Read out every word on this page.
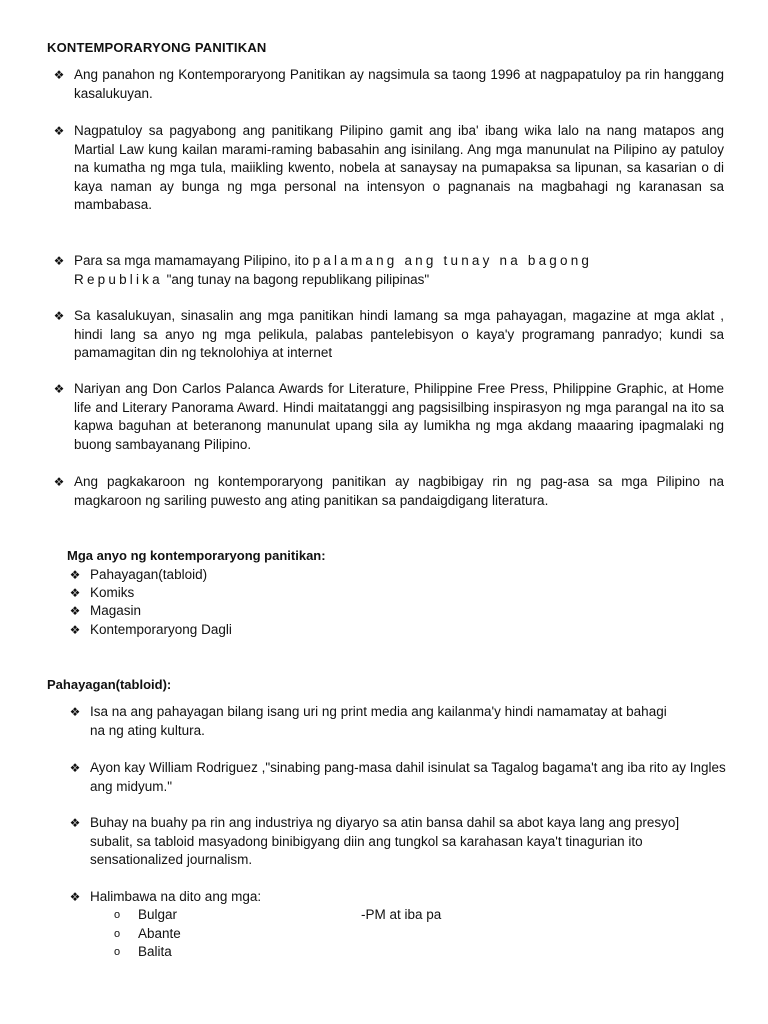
KONTEMPORARYONG PANITIKAN
❖ Ang panahon ng Kontemporaryong Panitikan ay nagsimula sa taong 1996 at nagpapatuloy pa rin hanggang kasalukuyan.
❖ Nagpatuloy sa pagyabong ang panitikang Pilipino gamit ang iba' ibang wika lalo na nang matapos ang Martial Law kung kailan marami-raming babasahin ang isinilang. Ang mga manunulat na Pilipino ay patuloy na kumatha ng mga tula, maiikling kwento, nobela at sanaysay na pumapaksa sa lipunan, sa kasarian o di kaya naman ay bunga ng mga personal na intensyon o pagnanais na magbahagi ng karanasan sa mambabasa.
❖ Para sa mga mamamayang Pilipino, ito palamang ang tunay na bagong
Republika "ang tunay na bagong republikang pilipinas"
❖ Sa kasalukuyan, sinasalin ang mga panitikan hindi lamang sa mga pahayagan, magazine at mga aklat , hindi lang sa anyo ng mga pelikula, palabas pantelebisyon o kaya'y programang panradyo; kundi sa pamamagitan din ng teknolohiya at internet
❖ Nariyan ang Don Carlos Palanca Awards for Literature, Philippine Free Press, Philippine Graphic, at Home life and Literary Panorama Award. Hindi maitatanggi ang pagsisilbing inspirasyon ng mga parangal na ito sa kapwa baguhan at beteranong manunulat upang sila ay lumikha ng mga akdang maaaring ipagmalaki ng buong sambayanang Pilipino.
❖ Ang pagkakaroon ng kontemporaryong panitikan ay nagbibigay rin ng pag-asa sa mga Pilipino na magkaroon ng sariling puwesto ang ating panitikan sa pandaigdigang literatura.
Mga anyo ng kontemporaryong panitikan:
❖ Pahayagan(tabloid)
❖ Komiks
❖ Magasin
❖ Kontemporaryong Dagli
Pahayagan(tabloid):
❖ Isa na ang pahayagan bilang isang uri ng print media ang kailanma'y hindi namamatay at bahagi na ng ating kultura.
❖ Ayon kay William Rodriguez ,"sinabing pang-masa dahil isinulat sa Tagalog bagama't ang iba rito ay Ingles ang midyum."
❖ Buhay na buahy pa rin ang industriya ng diyaryo sa atin bansa dahil sa abot kaya lang ang presyo] subalit, sa tabloid masyadong binibigyang diin ang tungkol sa karahasan kaya't tinagurian ito sensationalized journalism.
❖ Halimbawa na dito ang mga:
o Bulgar	-PM at iba pa
o Abante
o Balita
